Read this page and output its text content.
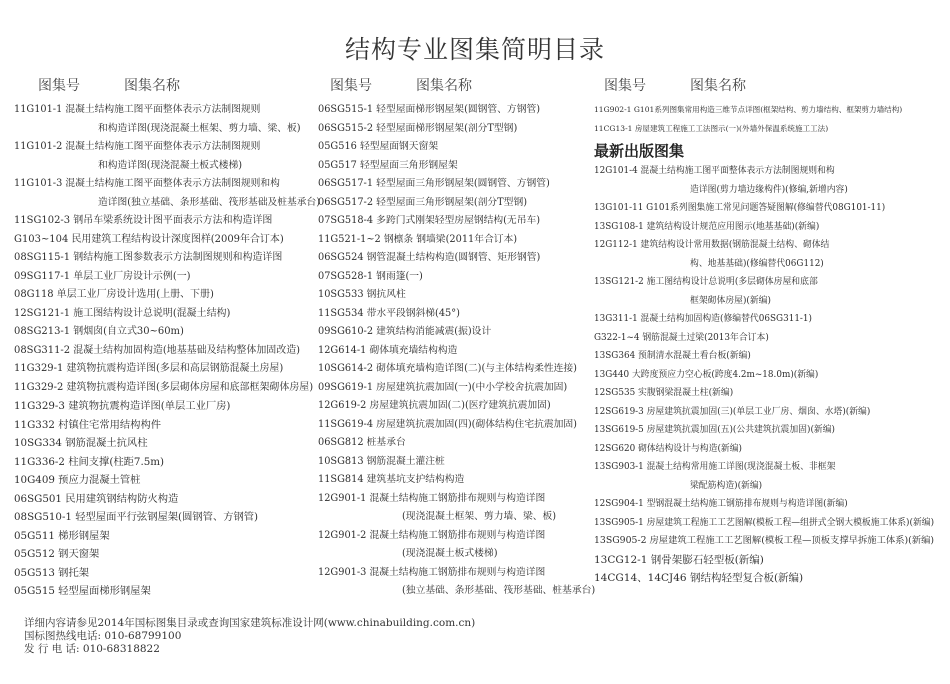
结构专业图集简明目录
图集号	图集名称	图集号	图集名称	图集号	图集名称
11G101-1 混凝土结构施工图平面整体表示方法制图规则
和构造详图(现浇混凝土框架、剪力墙、梁、板)
11G101-2 混凝土结构施工图平面整体表示方法制图规则
和构造详图(现浇混凝土板式楼梯)
11G101-3 混凝土结构施工图平面整体表示方法制图规则和构
造详图(独立基础、条形基础、筏形基础及桩基承台)
11SG102-3 钢吊车梁系统设计图平面表示方法和构造详图
G103~104 民用建筑工程结构设计深度图样(2009年合订本)
08SG115-1 钢结构施工图参数表示方法制图规则和构造详图
09SG117-1 单层工业厂房设计示例(一)
08G118 单层工业厂房设计选用(上册、下册)
12SG121-1 施工图结构设计总说明(混凝土结构)
08SG213-1 钢烟囱(自立式30~60m)
08SG311-2 混凝土结构加固构造(地基基础及结构整体加固改造)
11G329-1 建筑物抗震构造详图(多层和高层钢筋混凝土房屋)
11G329-2 建筑物抗震构造详图(多层砌体房屋和底部框架砌体房屋)
11G329-3 建筑物抗震构造详图(单层工业厂房)
11G332 村镇住宅常用结构构件
10SG334 钢筋混凝土抗风柱
11G336-2 柱间支撑(柱距7.5m)
10G409 预应力混凝土管桩
06SG501 民用建筑钢结构防火构造
08SG510-1 轻型屋面平行弦钢屋架(圆钢管、方钢管)
05G511 梯形钢屋架
05G512 钢天窗架
05G513 钢托架
05G515 轻型屋面梯形钢屋架
06SG515-1 轻型屋面梯形钢屋架(圆钢管、方钢管)
06SG515-2 轻型屋面梯形钢屋架(剖分T型钢)
05G516 轻型屋面钢天窗架
05G517 轻型屋面三角形钢屋架
06SG517-1 轻型屋面三角形钢屋架(圆钢管、方钢管)
06SG517-2 轻型屋面三角形钢屋架(剖分T型钢)
07SG518-4 多跨门式刚架轻型房屋钢结构(无吊车)
11G521-1~2 钢檩条 钢墙梁(2011年合订本)
06SG524 钢管混凝土结构构造(圆钢管、矩形钢管)
07SG528-1 钢雨篷(一)
10SG533 钢抗风柱
11SG534 带水平段钢斜梯(45°)
09SG610-2 建筑结构消能减震(振)设计
12G614-1 砌体填充墙结构构造
10SG614-2 砌体填充墙构造详图(二)(与主体结构柔性连接)
09SG619-1 房屋建筑抗震加固(一)(中小学校舍抗震加固)
12G619-2 房屋建筑抗震加固(二)(医疗建筑抗震加固)
11SG619-4 房屋建筑抗震加固(四)(砌体结构住宅抗震加固)
06SG812 桩基承台
10SG813 钢筋混凝土灌注桩
11SG814 建筑基坑支护结构构造
12G901-1 混凝土结构施工钢筋排布规则与构造详图
(现浇混凝土框架、剪力墙、梁、板)
12G901-2 混凝土结构施工钢筋排布规则与构造详图
(现浇混凝土板式楼梯)
12G901-3 混凝土结构施工钢筋排布规则与构造详图
(独立基础、条形基础、筏形基础、桩基承台)
11G902-1 G101系列图集常用构造三维节点详图(框架结构、剪力墙结构、框架剪力墙结构)
11CG13-1 房屋建筑工程施工工法图示(一)(外墙外保温系统施工工法)
最新出版图集
12G101-4 混凝土结构施工图平面整体表示方法制图规则和构
造详图(剪力墙边缘构件)(修编,新增内容)
13G101-11 G101系列图集施工常见问题答疑图解(修编替代08G101-11)
13SG108-1 建筑结构设计规范应用图示(地基基础)(新编)
12G112-1 建筑结构设计常用数据(钢筋混凝土结构、砌体结
构、地基基础)(修编替代06G112)
13SG121-2 施工图结构设计总说明(多层砌体房屋和底部
框架砌体房屋)(新编)
13G311-1 混凝土结构加固构造(修编替代06SG311-1)
G322-1~4 钢筋混凝土过梁(2013年合订本)
13SG364 预制清水混凝土看台板(新编)
13G440 大跨度预应力空心板(跨度4.2m~18.0m)(新编)
12SG535 实腹钢梁混凝土柱(新编)
12SG619-3 房屋建筑抗震加固(三)(单层工业厂房、烟囱、水塔)(新编)
13SG619-5 房屋建筑抗震加固(五)(公共建筑抗震加固)(新编)
12SG620 砌体结构设计与构造(新编)
13SG903-1 混凝土结构常用施工详图(现浇混凝土板、非框架
梁配筋构造)(新编)
12SG904-1 型钢混凝土结构施工钢筋排布规则与构造详图(新编)
13SG905-1 房屋建筑工程施工工艺图解(模板工程—组拼式全钢大模板施工体系)(新编)
13SG905-2 房屋建筑工程施工工艺图解(模板工程—顶板支撑早拆施工体系)(新编)
13CG12-1 钢骨架膨石轻型板(新编)
14CG14、14CJ46 钢结构轻型复合板(新编)
详细内容请参见2014年国标图集目录或查询国家建筑标准设计网(www.chinabuilding.com.cn)
国标图热线电话: 010-68799100
发 行 电 话: 010-68318822
